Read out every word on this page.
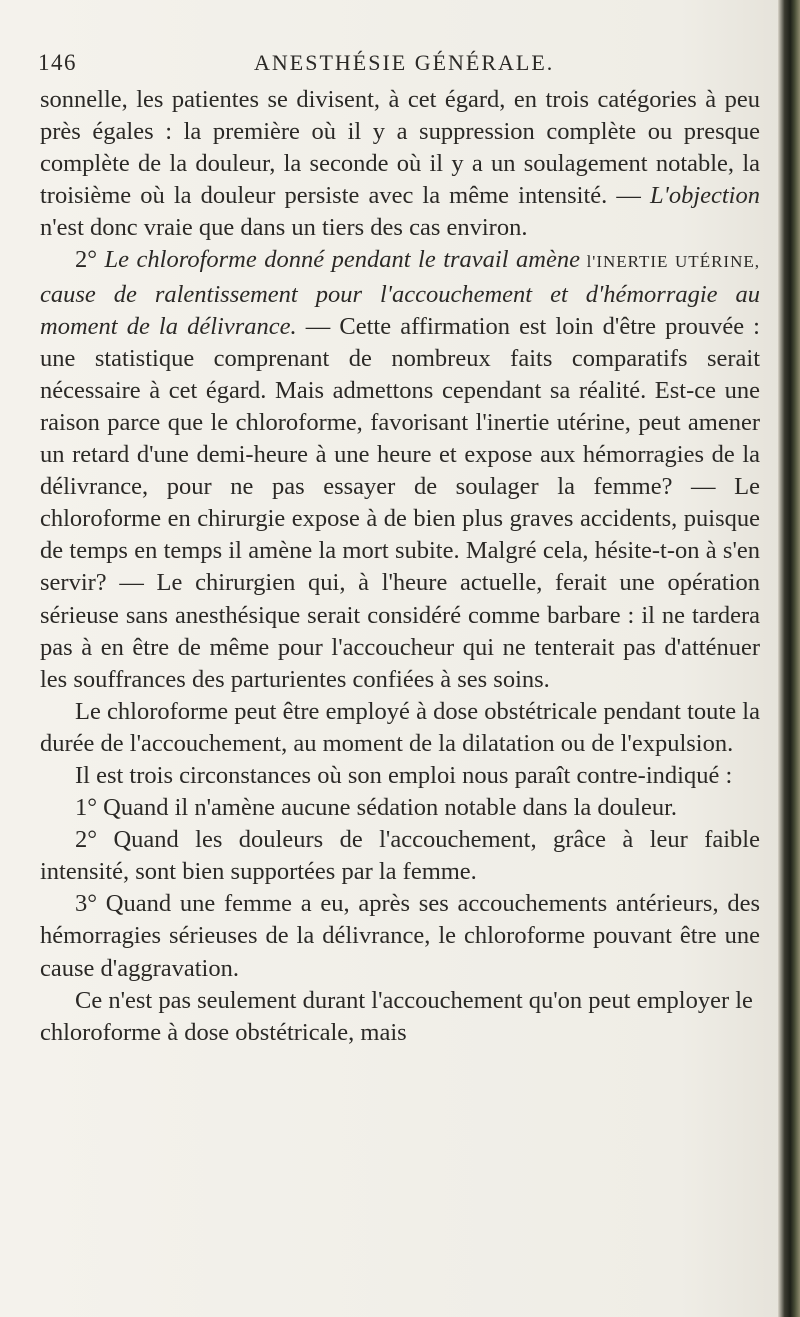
146	ANESTHÉSIE GÉNÉRALE.

sonnelle, les patientes se divisent, à cet égard, en trois catégories à peu près égales : la première où il y a suppression complète ou presque complète de la douleur, la seconde où il y a un soulagement notable, la troisième où la douleur persiste avec la même intensité. — L'objection n'est donc vraie que dans un tiers des cas environ.

2° Le chloroforme donné pendant le travail amène l'INERTIE UTÉRINE, cause de ralentissement pour l'accouchement et d'hémorragie au moment de la délivrance. — Cette affirmation est loin d'être prouvée : une statistique comprenant de nombreux faits comparatifs serait nécessaire à cet égard. Mais admettons cependant sa réalité. Est-ce une raison parce que le chloroforme, favorisant l'inertie utérine, peut amener un retard d'une demi-heure à une heure et expose aux hémorragies de la délivrance, pour ne pas essayer de soulager la femme? — Le chloroforme en chirurgie expose à de bien plus graves accidents, puisque de temps en temps il amène la mort subite. Malgré cela, hésite-t-on à s'en servir? — Le chirurgien qui, à l'heure actuelle, ferait une opération sérieuse sans anesthésique serait considéré comme barbare : il ne tardera pas à en être de même pour l'accoucheur qui ne tenterait pas d'atténuer les souffrances des parturientes confiées à ses soins.

Le chloroforme peut être employé à dose obstétricale pendant toute la durée de l'accouchement, au moment de la dilatation ou de l'expulsion.

Il est trois circonstances où son emploi nous paraît contre-indiqué :

1° Quand il n'amène aucune sédation notable dans la douleur.

2° Quand les douleurs de l'accouchement, grâce à leur faible intensité, sont bien supportées par la femme.

3° Quand une femme a eu, après ses accouchements antérieurs, des hémorragies sérieuses de la délivrance, le chloroforme pouvant être une cause d'aggravation.

Ce n'est pas seulement durant l'accouchement qu'on peut employer le chloroforme à dose obstétricale, mais
